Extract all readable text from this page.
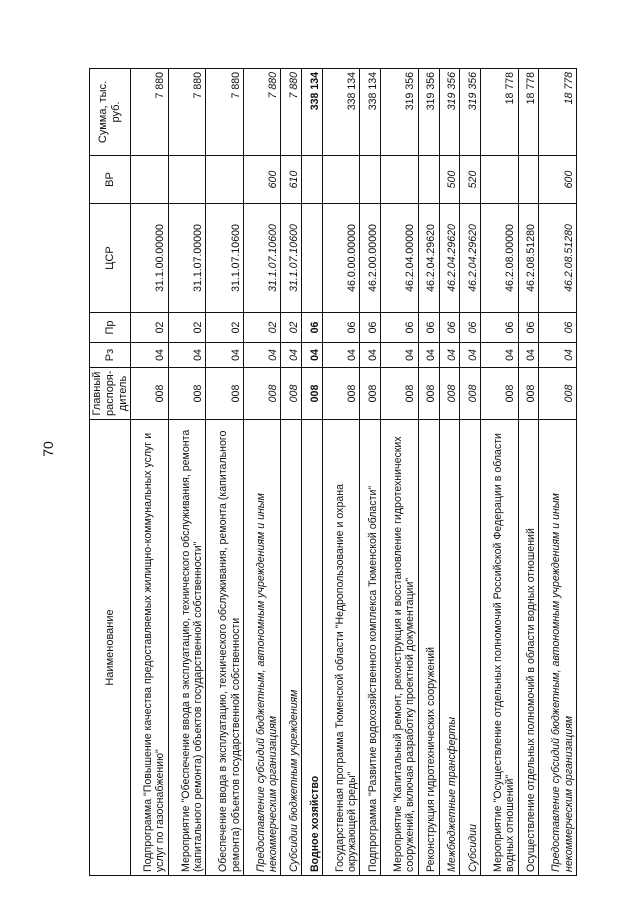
70
Наименование	Главный распоря-дитель	Рз	Пр	ЦСР	ВР	Сумма, тыс. руб.
Подпрограмма "Повышение качества предоставляемых жилищно-коммунальных услуг и услуг по газоснабжению"	008	04	02	31.1.00.00000		7 880
Мероприятие "Обеспечение ввода в эксплуатацию, технического обслуживания, ремонта (капитального ремонта) объектов государственной собственности"	008	04	02	31.1.07.00000		7 880
Обеспечение ввода в эксплуатацию, технического обслуживания, ремонта (капитального ремонта) объектов государственной собственности	008	04	02	31.1.07.10600		7 880
Предоставление субсидий бюджетным, автономным учреждениям и иным некоммерческим организациям	008	04	02	31.1.07.10600	600	7 880
Субсидии бюджетным учреждениям	008	04	02	31.1.07.10600	610	7 880
Водное хозяйство	008	04	06			338 134
Государственная программа Тюменской области "Недропользование и охрана окружающей среды"	008	04	06	46.0.00.00000		338 134
Подпрограмма "Развитие водохозяйственного комплекса Тюменской области"	008	04	06	46.2.00.00000		338 134
Мероприятие "Капитальный ремонт, реконструкция и восстановление гидротехнических сооружений, включая разработку проектной документации"	008	04	06	46.2.04.00000		319 356
Реконструкция гидротехнических сооружений	008	04	06	46.2.04.29620		319 356
Межбюджетные трансферты	008	04	06	46.2.04.29620	500	319 356
Субсидии	008	04	06	46.2.04.29620	520	319 356
Мероприятие "Осуществление отдельных полномочий Российской Федерации в области водных отношений"	008	04	06	46.2.08.00000		18 778
Осуществление отдельных полномочий в области водных отношений	008	04	06	46.2.08.51280		18 778
Предоставление субсидий бюджетным, автономным учреждениям и иным некоммерческим организациям	008	04	06	46.2.08.51280	600	18 778
